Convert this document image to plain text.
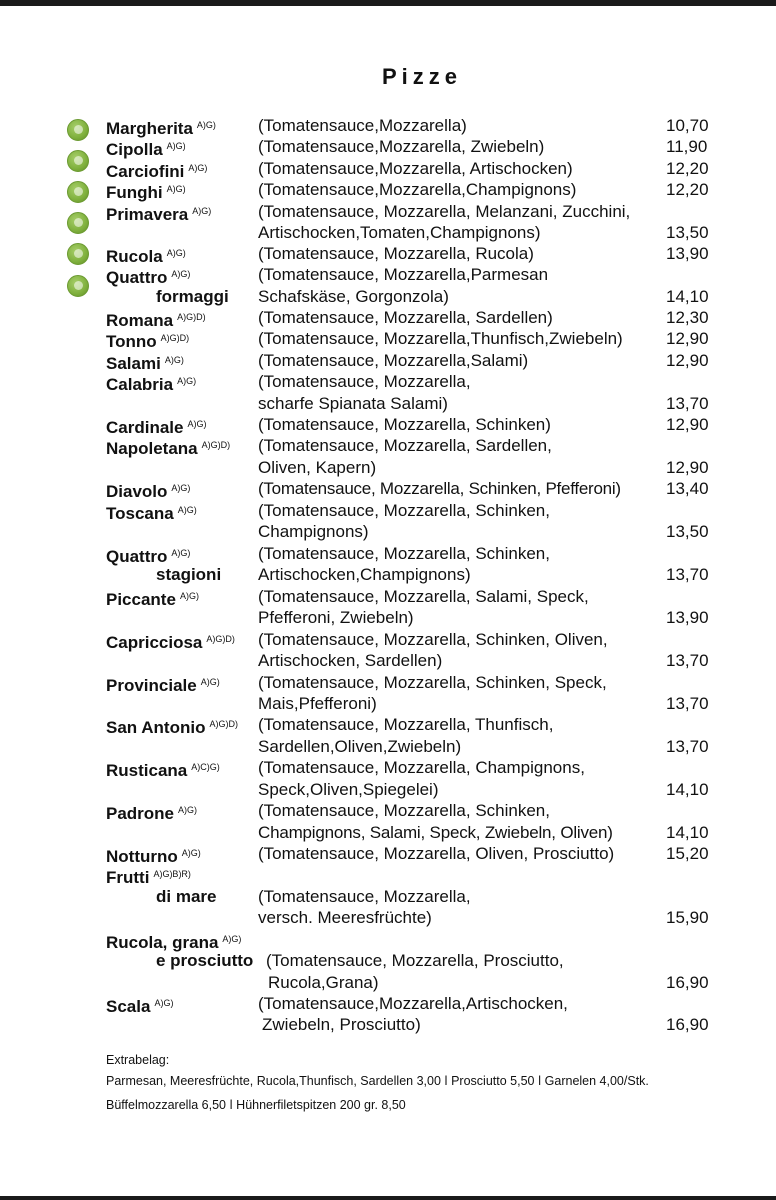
Pizze
Margherita $^{A)G)}$ (Tomatensauce,Mozzarella)	10,70
Cipolla $^{A)G)}$	(Tomatensauce,Mozzarella, Zwiebeln)	11,90
Carciofini $^{A)G)}$	(Tomatensauce,Mozzarella, Artischocken)	12,20
Funghi $^{A)G)}$	(Tomatensauce,Mozzarella,Champignons)	12,20
Primavera $^{A)G)}$	(Tomatensauce, Mozzarella, Melanzani, Zucchini,
Artischocken,Tomaten,Champignons)	13,50
Rucola $^{A)G)}$	(Tomatensauce, Mozzarella, Rucola)	13,90
Quattro $^{A)G)}$
formaggi
(Tomatensauce, Mozzarella,Parmesan
Schafskäse, Gorgonzola)	14,10
Romana $^{A)G)D)}$	(Tomatensauce, Mozzarella, Sardellen)	12,30
Tonno $^{A)G)D)}$	(Tomatensauce, Mozzarella,Thunfisch,Zwiebeln)	12,90
Salami $^{A)G)}$	(Tomatensauce, Mozzarella,Salami)	12,90
Calabria $^{A)G)}$	(Tomatensauce, Mozzarella,
scharfe Spianata Salami)	13,70
Cardinale $^{A)G)}$	(Tomatensauce, Mozzarella, Schinken)	12,90
Napoletana $^{A)G)D)}$ (Tomatensauce, Mozzarella, Sardellen,
Oliven, Kapern)	12,90
Diavolo $^{A)G)}$	(Tomatensauce, Mozzarella, Schinken, Pfefferoni)	13,40
Toscana $^{A)G)}$	(Tomatensauce, Mozzarella, Schinken,
Champignons)	13,50
Quattro $^{A)G)}$
stagioni
(Tomatensauce, Mozzarella, Schinken,
Artischocken,Champignons)	13,70
Piccante $^{A)G)}$	(Tomatensauce, Mozzarella, Salami, Speck,
Pfefferoni, Zwiebeln)	13,90
Capricciosa $^{A)G)D)}$ (Tomatensauce, Mozzarella, Schinken, Oliven,
Artischocken, Sardellen)	13,70
Provinciale $^{A)G)}$ (Tomatensauce, Mozzarella, Schinken, Speck,
Mais,Pfefferoni)	13,70
San Antonio $^{A)G)D)}$ (Tomatensauce, Mozzarella, Thunfisch,
Sardellen,Oliven,Zwiebeln)	13,70
Rusticana $^{A)C)G)}$ (Tomatensauce, Mozzarella, Champignons,
Speck,Oliven,Spiegelei)	14,10
Padrone $^{A)G)}$	(Tomatensauce, Mozzarella, Schinken,
Champignons, Salami, Speck, Zwiebeln, Oliven)	14,10
Notturno $^{A)G)}$	(Tomatensauce, Mozzarella, Oliven, Prosciutto)	15,20
Frutti $^{A)G)B)R)}$
di mare (Tomatensauce, Mozzarella,
versch. Meeresfrüchte)	15,90
Rucola, grana $^{A)G)}$
e prosciutto (Tomatensauce, Mozzarella, Prosciutto,
Rucola,Grana)	16,90
Scala $^{A)G)}$	(Tomatensauce,Mozzarella,Artischocken,
Zwiebeln, Prosciutto)	16,90
Extrabelag:
Parmesan, Meeresfrüchte, Rucola,Thunfisch, Sardellen 3,00 ǀ Prosciutto 5,50 ǀ Garnelen 4,00/Stk.
Büffelmozzarella 6,50 ǀ Hühnerfiletspitzen 200 gr. 8,50
